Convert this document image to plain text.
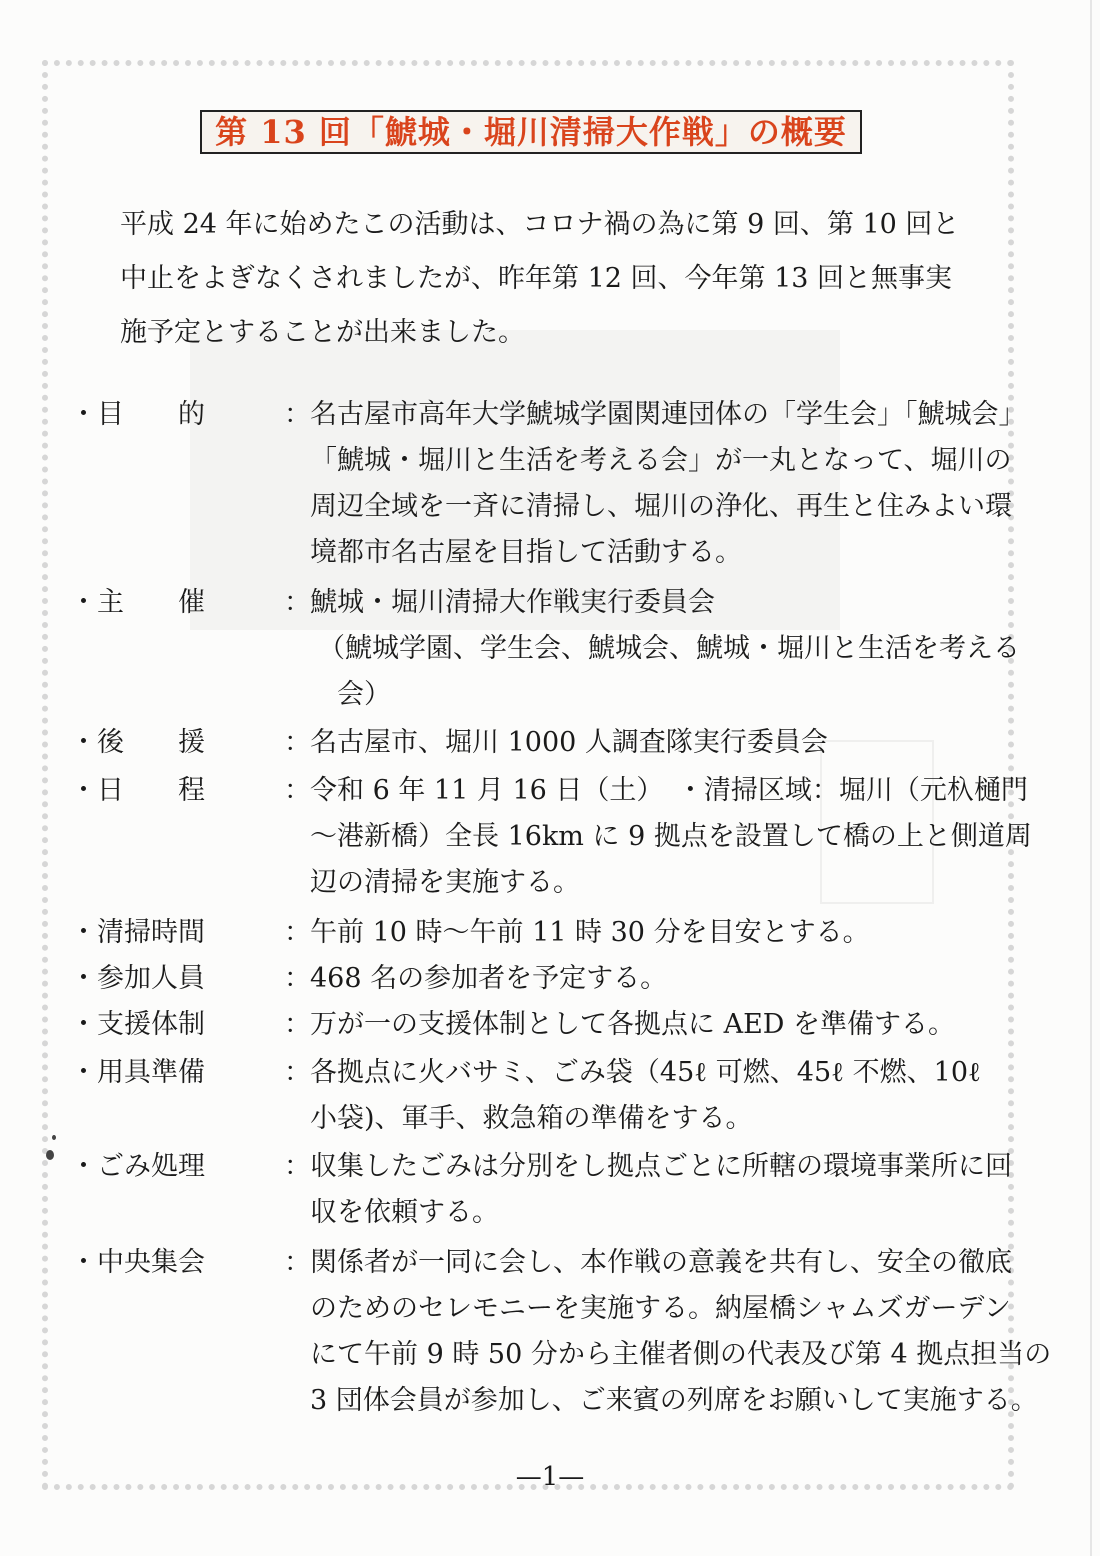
第 13 回「鯱城・堀川清掃大作戦」の概要
平成 24 年に始めたこの活動は、コロナ禍の為に第 9 回、第 10 回と
中止をよぎなくされましたが、昨年第 12 回、今年第 13 回と無事実
施予定とすることが出来ました。
・目　　的	： 名古屋市高年大学鯱城学園関連団体の「学生会」「鯱城会」
「鯱城・堀川と生活を考える会」が一丸となって、堀川の
周辺全域を一斉に清掃し、堀川の浄化、再生と住みよい環
境都市名古屋を目指して活動する。
・主　　催	： 鯱城・堀川清掃大作戦実行委員会
（鯱城学園、学生会、鯱城会、鯱城・堀川と生活を考える
　会）
・後　　援	： 名古屋市、堀川 1000 人調査隊実行委員会
・日　　程	： 令和 6 年 11 月 16 日（土）　・清掃区域：堀川（元杁樋門
～港新橋）全長 16km に 9 拠点を設置して橋の上と側道周
辺の清掃を実施する。
・清掃時間	： 午前 10 時～午前 11 時 30 分を目安とする。
・参加人員	： 468 名の参加者を予定する。
・支援体制	： 万が一の支援体制として各拠点に AED を準備する。
・用具準備	： 各拠点に火バサミ、ごみ袋（45ℓ 可燃、45ℓ 不燃、10ℓ
小袋)、軍手、救急箱の準備をする。
・ごみ処理	： 収集したごみは分別をし拠点ごとに所轄の環境事業所に回
収を依頼する。
・中央集会	： 関係者が一同に会し、本作戦の意義を共有し、安全の徹底
のためのセレモニーを実施する。納屋橋シャムズガーデン
にて午前 9 時 50 分から主催者側の代表及び第 4 拠点担当の
3 団体会員が参加し、ご来賓の列席をお願いして実施する。
—1—
